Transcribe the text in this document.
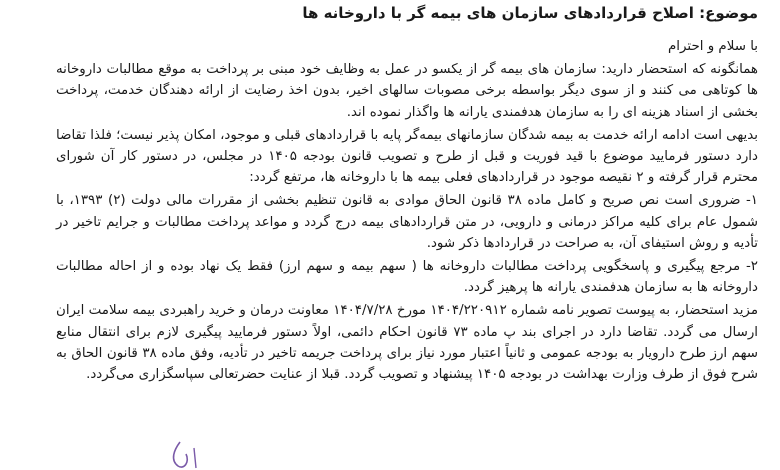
موضوع: اصلاح قراردادهای سازمان های بیمه گر با داروخانه ها
با سلام و احترام

همانگونه که استحضار دارید: سازمان های بیمه گر از یکسو در عمل به وظایف خود مبنی بر پرداخت به موقع مطالبات داروخانه ها کوتاهی می کنند و از سوی دیگر بواسطه برخی مصوبات سالهای اخیر، بدون اخذ رضایت از ارائه دهندگان خدمت، پرداخت بخشی از اسناد هزینه ای را به سازمان هدفمندی یارانه ها واگذار نموده اند.

بدیهی است ادامه ارائه خدمت به بیمه شدگان سازمانهای بیمه‌گر پایه با قراردادهای قبلی و موجود، امکان پذیر نیست؛ فلذا تقاضا دارد دستور فرمایید موضوع با قید فوریت و قبل از طرح و تصویب قانون بودجه ۱۴۰۵ در مجلس، در دستور کار آن شورای محترم قرار گرفته و ۲ نقیصه موجود در قراردادهای فعلی بیمه ها با داروخانه ها، مرتفع گردد:

۱- ضروری است نص صریح و کامل ماده ۳۸ قانون الحاق موادی به قانون تنظیم بخشی از مقررات مالی دولت (۲) ۱۳۹۳، با شمول عام برای کلیه مراکز درمانی و دارویی، در متن قراردادهای بیمه درج گردد و مواعد پرداخت مطالبات و جرایم تاخیر در تأدیه و روش استیفای آن، به صراحت در قراردادها ذکر شود.

۲- مرجع پیگیری و پاسخگویی پرداخت مطالبات داروخانه ها ( سهم بیمه و سهم ارز) فقط یک نهاد بوده و از احاله مطالبات داروخانه ها به سازمان هدفمندی یارانه ها پرهیز گردد.

مزید استحضار، به پیوست تصویر نامه شماره ۱۴۰۴/۲۲۰۹۱۲ مورخ ۱۴۰۴/۷/۲۸ معاونت درمان و خرید راهبردی بیمه سلامت ایران ارسال می گردد. تقاضا دارد در اجرای بند پ ماده ۷۳ قانون احکام دائمی، اولاً دستور فرمایید پیگیری لازم برای انتقال منابع سهم ارز طرح دارویار به بودجه عمومی و ثانیاً اعتبار مورد نیاز برای پرداخت جریمه تاخیر در تأدیه، وفق ماده ۳۸ قانون الحاق به شرح فوق از طرف وزارت بهداشت در بودجه ۱۴۰۵ پیشنهاد و تصویب گردد. قبلا از عنایت حضرتعالی سپاسگزاری می‌گردد.
